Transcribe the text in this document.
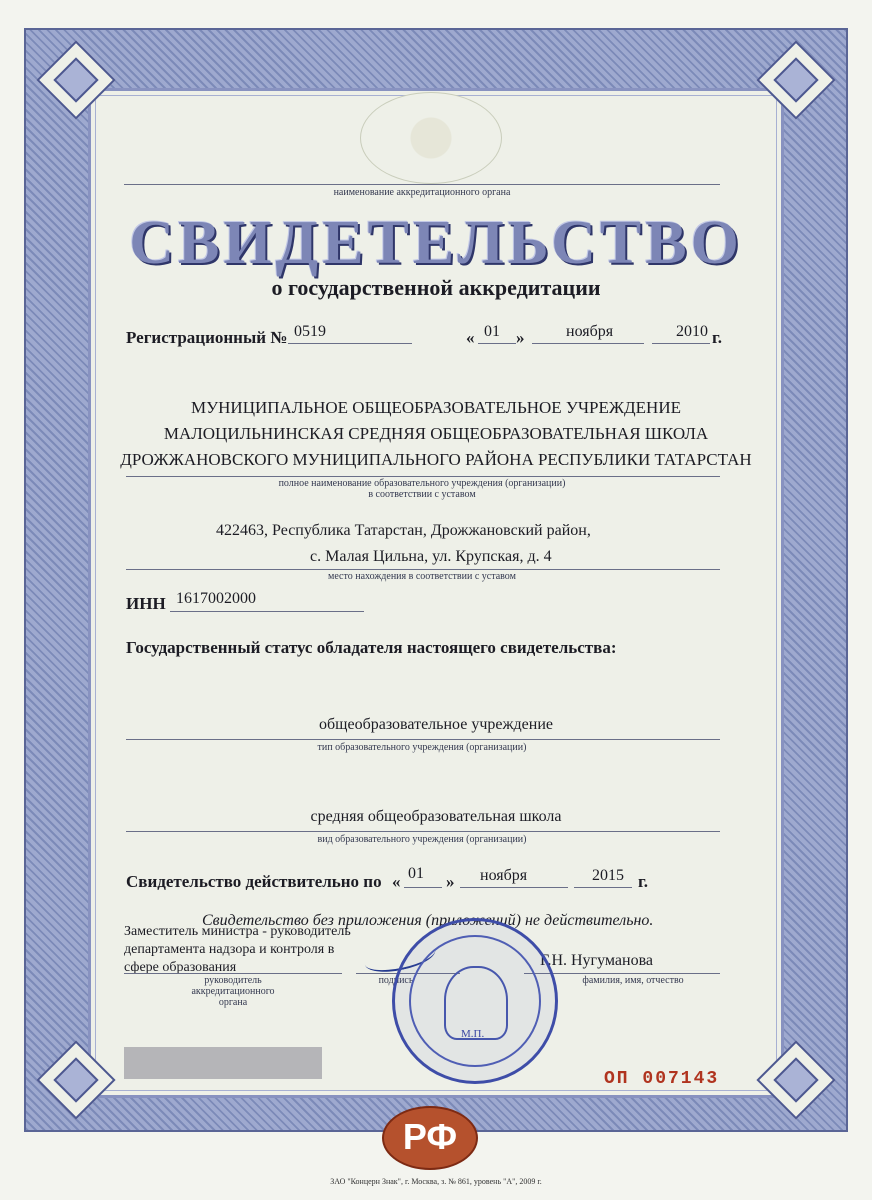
наименование аккредитационного органа
СВИДЕТЕЛЬСТВО
о государственной аккредитации
Регистрационный № 0519	« 01 »	ноября	2010 г.
МУНИЦИПАЛЬНОЕ ОБЩЕОБРАЗОВАТЕЛЬНОЕ УЧРЕЖДЕНИЕ
МАЛОЦИЛЬНИНСКАЯ СРЕДНЯЯ ОБЩЕОБРАЗОВАТЕЛЬНАЯ ШКОЛА
ДРОЖЖАНОВСКОГО МУНИЦИПАЛЬНОГО РАЙОНА РЕСПУБЛИКИ ТАТАРСТАН
полное наименование образовательного учреждения (организации)
в соответствии с уставом
422463, Республика Татарстан, Дрожжановский район,
с. Малая Цильна, ул. Крупская, д. 4
место нахождения в соответствии с уставом
ИНН 1617002000
Государственный статус обладателя настоящего свидетельства:
общеобразовательное учреждение
тип образовательного учреждения (организации)
средняя общеобразовательная школа
вид образовательного учреждения (организации)
Свидетельство действительно по « 01 » ноября	2015 г.
Свидетельство без приложения (приложений) не действительно.
Заместитель министра - руководитель
департамента надзора и контроля в
сфере образования
руководитель
аккредитационного
органа
подпись
Г.Н. Нугуманова
фамилия, имя, отчество
М.П.
ОП 007143
РФ
ЗАО "Концерн Знак", г. Москва, з. № 861, уровень "А", 2009 г.
